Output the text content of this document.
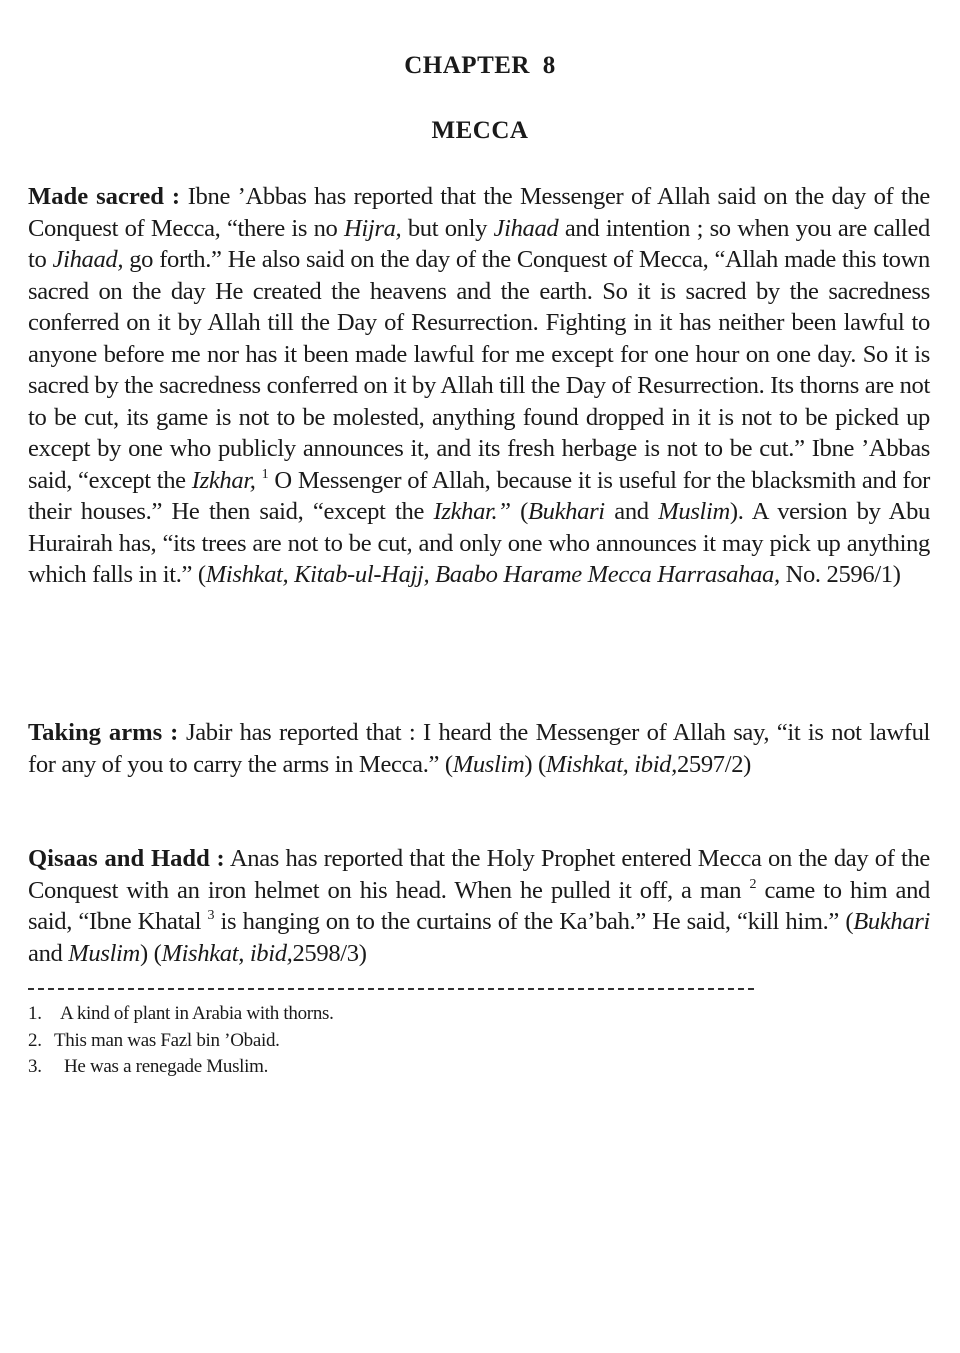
CHAPTER 8
MECCA

Made sacred : Ibne ’Abbas has reported that the Messenger of Allah said on the day of the Conquest of Mecca, “there is no Hijra, but only Jihaad and intention ; so when you are called to Jihaad, go forth.” He also said on the day of the Conquest of Mecca, “Allah made this town sacred on the day He created the heavens and the earth. So it is sacred by the sacredness conferred on it by Allah till the Day of Resurrection. Fighting in it has neither been lawful to anyone before me nor has it been made lawful for me except for one hour on one day. So it is sacred by the sacredness conferred on it by Allah till the Day of Resurrection. Its thorns are not to be cut, its game is not to be molested, anything found dropped in it is not to be picked up except by one who publicly announces it, and its fresh herbage is not to be cut.” Ibne ’Abbas said, “except the Izkhar, $^1$ O Messenger of Allah, because it is useful for the blacksmith and for their houses.” He then said, “except the Izkhar.” (Bukhari and Muslim). A version by Abu Hurairah has, “its trees are not to be cut, and only one who announces it may pick up anything which falls in it.” (Mishkat, Kitab-ul-Hajj, Baabo Harame Mecca Harrasahaa, No. 2596/1)

Taking arms : Jabir has reported that : I heard the Messenger of Allah say, “it is not lawful for any of you to carry the arms in Mecca.” (Muslim) (Mishkat, ibid,2597/2)

Qisaas and Hadd : Anas has reported that the Holy Prophet entered Mecca on the day of the Conquest with an iron helmet on his head. When he pulled it off, a man $^2$ came to him and said, “Ibne Khatal $^3$ is hanging on to the curtains of the Ka’bah.” He said, “kill him.” (Bukhari and Muslim) (Mishkat, ibid,2598/3)

1. A kind of plant in Arabia with thorns.
2. This man was Fazl bin ’Obaid.
3.	He was a renegade Muslim.
